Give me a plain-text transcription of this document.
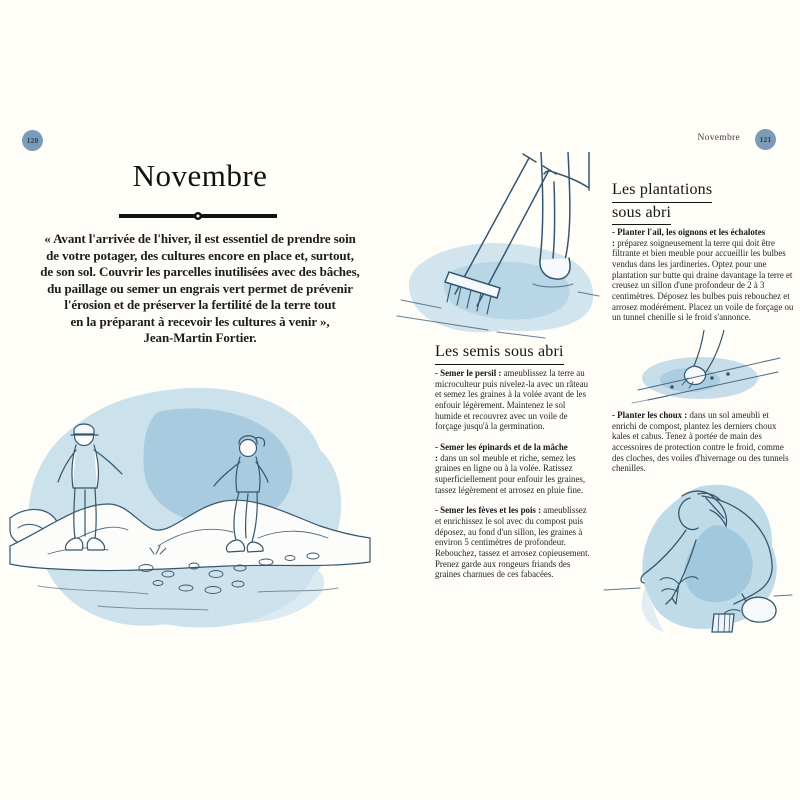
120
Novembre
« Avant l'arrivée de l'hiver, il est essentiel de prendre soin
de votre potager, des cultures encore en place et, surtout,
de son sol. Couvrir les parcelles inutilisées avec des bâches,
du paillage ou semer un engrais vert permet de prévenir
l'érosion et de préserver la fertilité de la terre tout
en la préparant à recevoir les cultures à venir »,
Jean-Martin Fortier.
Les semis sous abri

- Semer le persil : ameublissez la terre au microculteur puis nivelez-la avec un râteau et semez les graines à la volée avant de les enfouir légèrement. Maintenez le sol humide et recouvrez avec un voile de forçage jusqu'à la germination.

- Semer les épinards et de la mâche : dans un sol meuble et riche, semez les graines en ligne ou à la volée. Ratissez superficiellement pour enfouir les graines, tassez légèrement et arrosez en pluie fine.

- Semer les fèves et les pois : ameublissez et enrichissez le sol avec du compost puis déposez, au fond d'un sillon, les graines à environ 5 centimètres de profondeur. Rebouchez, tassez et arrosez copieusement. Prenez garde aux rongeurs friands des graines charnues de ces fabacées.

Novembre	121
Les plantations
sous abri

- Planter l'ail, les oignons et les échalotes : préparez soigneusement la terre qui doit être filtrante et bien meuble pour accueillir les bulbes vendus dans les jardineries. Optez pour une plantation sur butte qui draine davantage la terre et creusez un sillon d'une profondeur de 2 à 3 centimètres. Déposez les bulbes puis rebouchez et arrosez modérément. Placez un voile de forçage ou un tunnel chenille si le froid s'annonce.

- Planter les choux : dans un sol ameubli et enrichi de compost, plantez les derniers choux kales et cabus. Tenez à portée de main des accessoires de protection contre le froid, comme des cloches, des voiles d'hivernage ou des tunnels chenilles.
